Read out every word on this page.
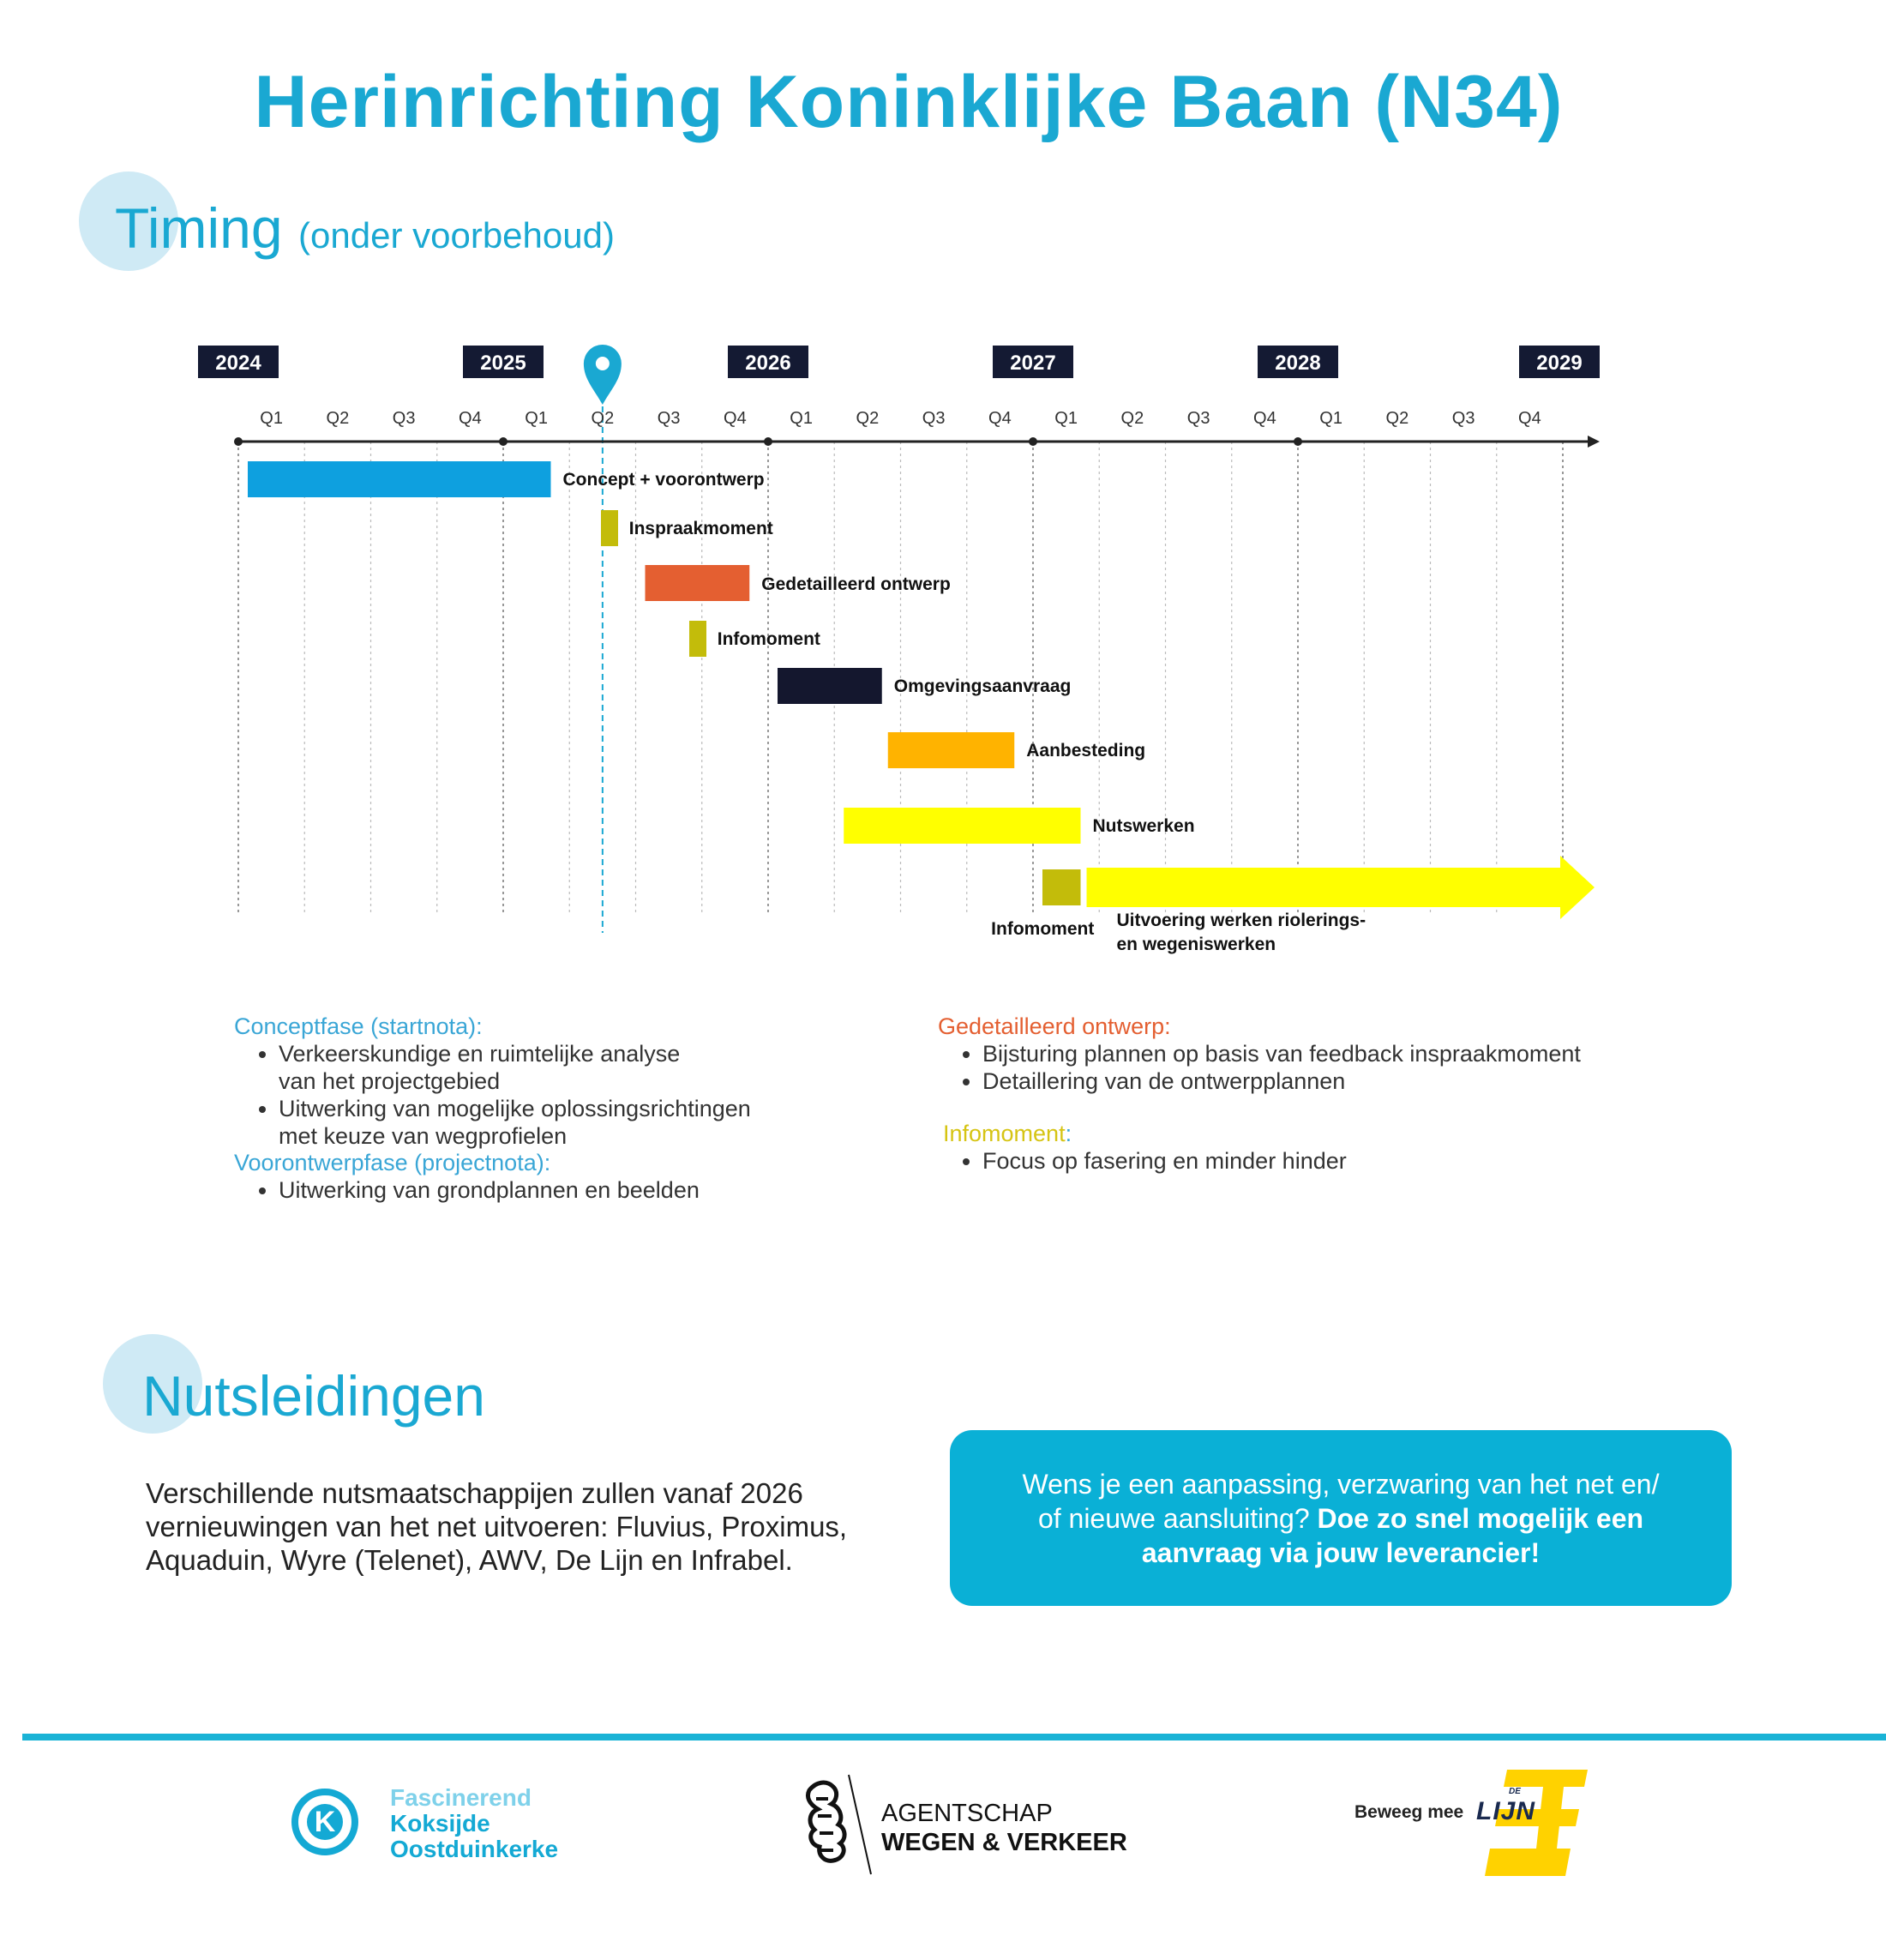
Herinrichting Koninklijke Baan (N34)
Timing (onder voorbehoud)
Concept + voorontwerp
Inspraakmoment
Gedetailleerd ontwerp
Infomoment
Omgevingsaanvraag
Aanbesteding
Nutswerken
Infomoment Uitvoering werken riolerings-
en wegeniswerken
2024	2025	2026	2027	2028	2029
Q1	Q2	Q3	Q4	Q1	Q2	Q3	Q4	Q1	Q2	Q3	Q4	Q1	Q2	Q3	Q4	Q1	Q2	Q3	Q4
Conceptfase (startnota):
• Verkeerskundige en ruimtelijke analyse
van het projectgebied
• Uitwerking van mogelijke oplossingsrichtingen
met keuze van wegprofielen
Voorontwerpfase (projectnota):
• Uitwerking van grondplannen en beelden
Gedetailleerd ontwerp:
• Bijsturing plannen op basis van feedback inspraakmoment
• Detaillering van de ontwerpplannen
Infomoment:
• Focus op fasering en minder hinder
Nutsleidingen
Verschillende nutsmaatschappijen zullen vanaf 2026
vernieuwingen van het net uitvoeren: Fluvius, Proximus,
Aquaduin, Wyre (Telenet), AWV, De Lijn en Infrabel.
Wens je een aanpassing, verzwaring van het net en/
of nieuwe aansluiting? Doe zo snel mogelijk een
aanvraag via jouw leverancier!
K
Fascinerend
Koksijde
Oostduinkerke
AGENTSCHAP
WEGEN & VERKEER
Beweeg mee
DE
LIJN
